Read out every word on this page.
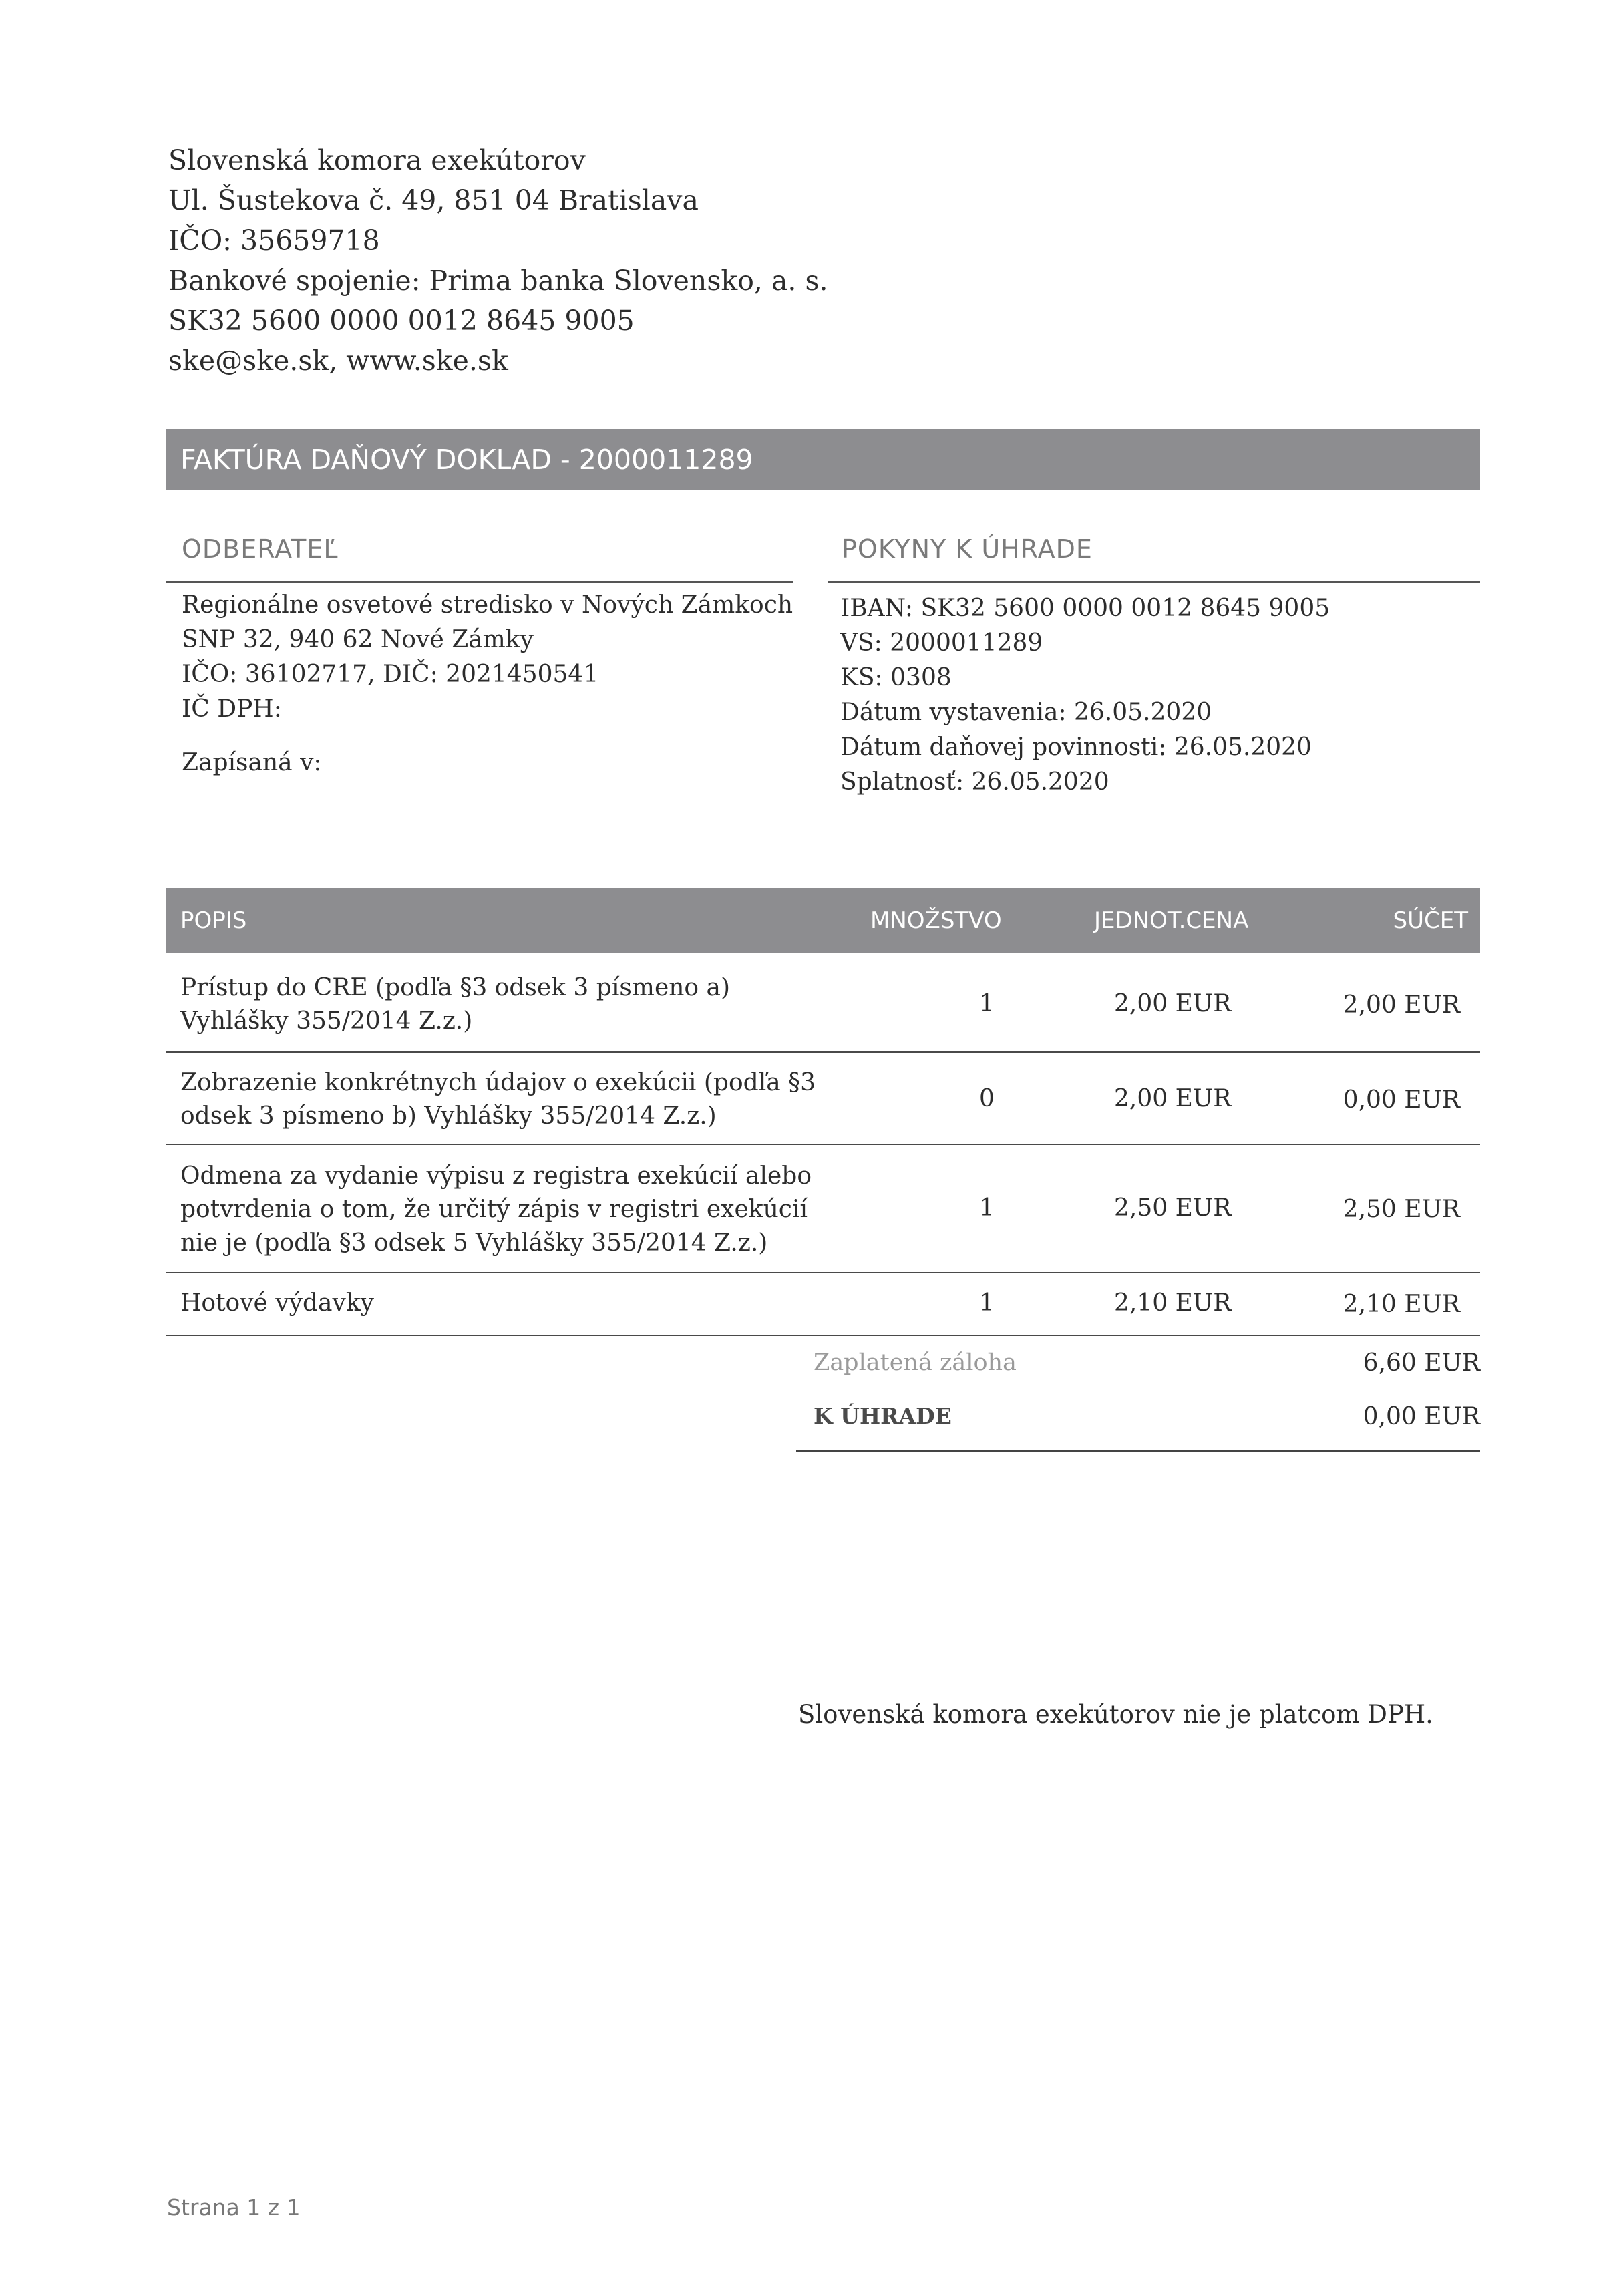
Slovenská komora exekútorov
Ul. Šustekova č. 49, 851 04 Bratislava
IČO: 35659718
Bankové spojenie: Prima banka Slovensko, a. s.
SK32 5600 0000 0012 8645 9005
ske@ske.sk, www.ske.sk
FAKTÚRA DAŇOVÝ DOKLAD - 2000011289
ODBERATEĽ
Regionálne osvetové stredisko v Nových Zámkoch
SNP 32, 940 62 Nové Zámky
IČO: 36102717, DIČ: 2021450541
IČ DPH:
Zapísaná v:
POKYNY K ÚHRADE
IBAN: SK32 5600 0000 0012 8645 9005
VS: 2000011289
KS: 0308
Dátum vystavenia: 26.05.2020
Dátum daňovej povinnosti: 26.05.2020
Splatnosť: 26.05.2020
POPIS	MNOŽSTVO	JEDNOT.CENA	SÚČET
Prístup do CRE (podľa §3 odsek 3 písmeno a)
Vyhlášky 355/2014 Z.z.)
1	2,00 EUR	2,00 EUR
Zobrazenie konkrétnych údajov o exekúcii (podľa §3
odsek 3 písmeno b) Vyhlášky 355/2014 Z.z.)
0	2,00 EUR	0,00 EUR
Odmena za vydanie výpisu z registra exekúcií alebo
potvrdenia o tom, že určitý zápis v registri exekúcií
nie je (podľa §3 odsek 5 Vyhlášky 355/2014 Z.z.)
1	2,50 EUR	2,50 EUR
Hotové výdavky	1	2,10 EUR	2,10 EUR
Zaplatená záloha	6,60 EUR
K ÚHRADE	0,00 EUR
Slovenská komora exekútorov nie je platcom DPH.
Strana 1 z 1
